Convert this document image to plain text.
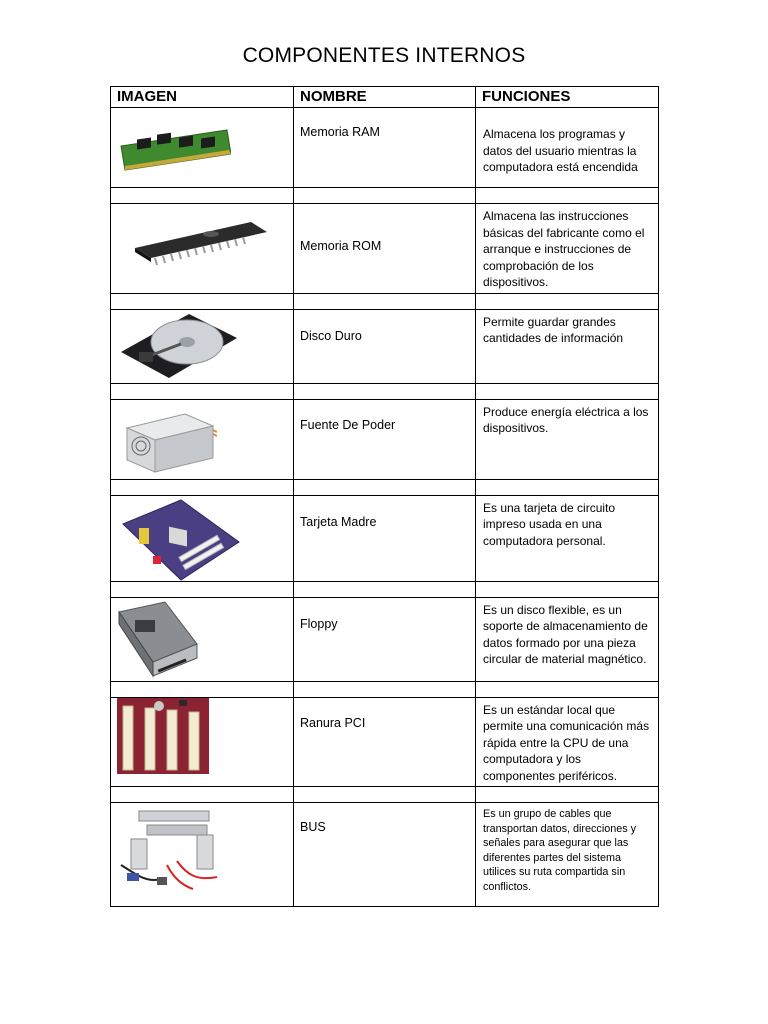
COMPONENTES INTERNOS
IMAGEN	NOMBRE	FUNCIONES

	Memoria RAM	Almacena los programas y datos del usuario mientras la computadora está encendida

	Memoria ROM	Almacena las instrucciones básicas del fabricante como el arranque e instrucciones de comprobación de los dispositivos.

	Disco Duro	Permite guardar grandes cantidades de información

	Fuente De Poder	Produce energía eléctrica a los dispositivos.

	Tarjeta Madre	Es una tarjeta de circuito impreso usada en una computadora personal.

	Floppy	Es un disco flexible, es un soporte de almacenamiento de datos formado por una pieza circular de material magnético.

	Ranura PCI	Es un estándar local que permite una comunicación más rápida entre la CPU de una computadora y los componentes periféricos.

	BUS	Es un grupo de cables que transportan datos, direcciones y señales para asegurar que las diferentes partes del sistema utilices su ruta compartida sin conflictos.
